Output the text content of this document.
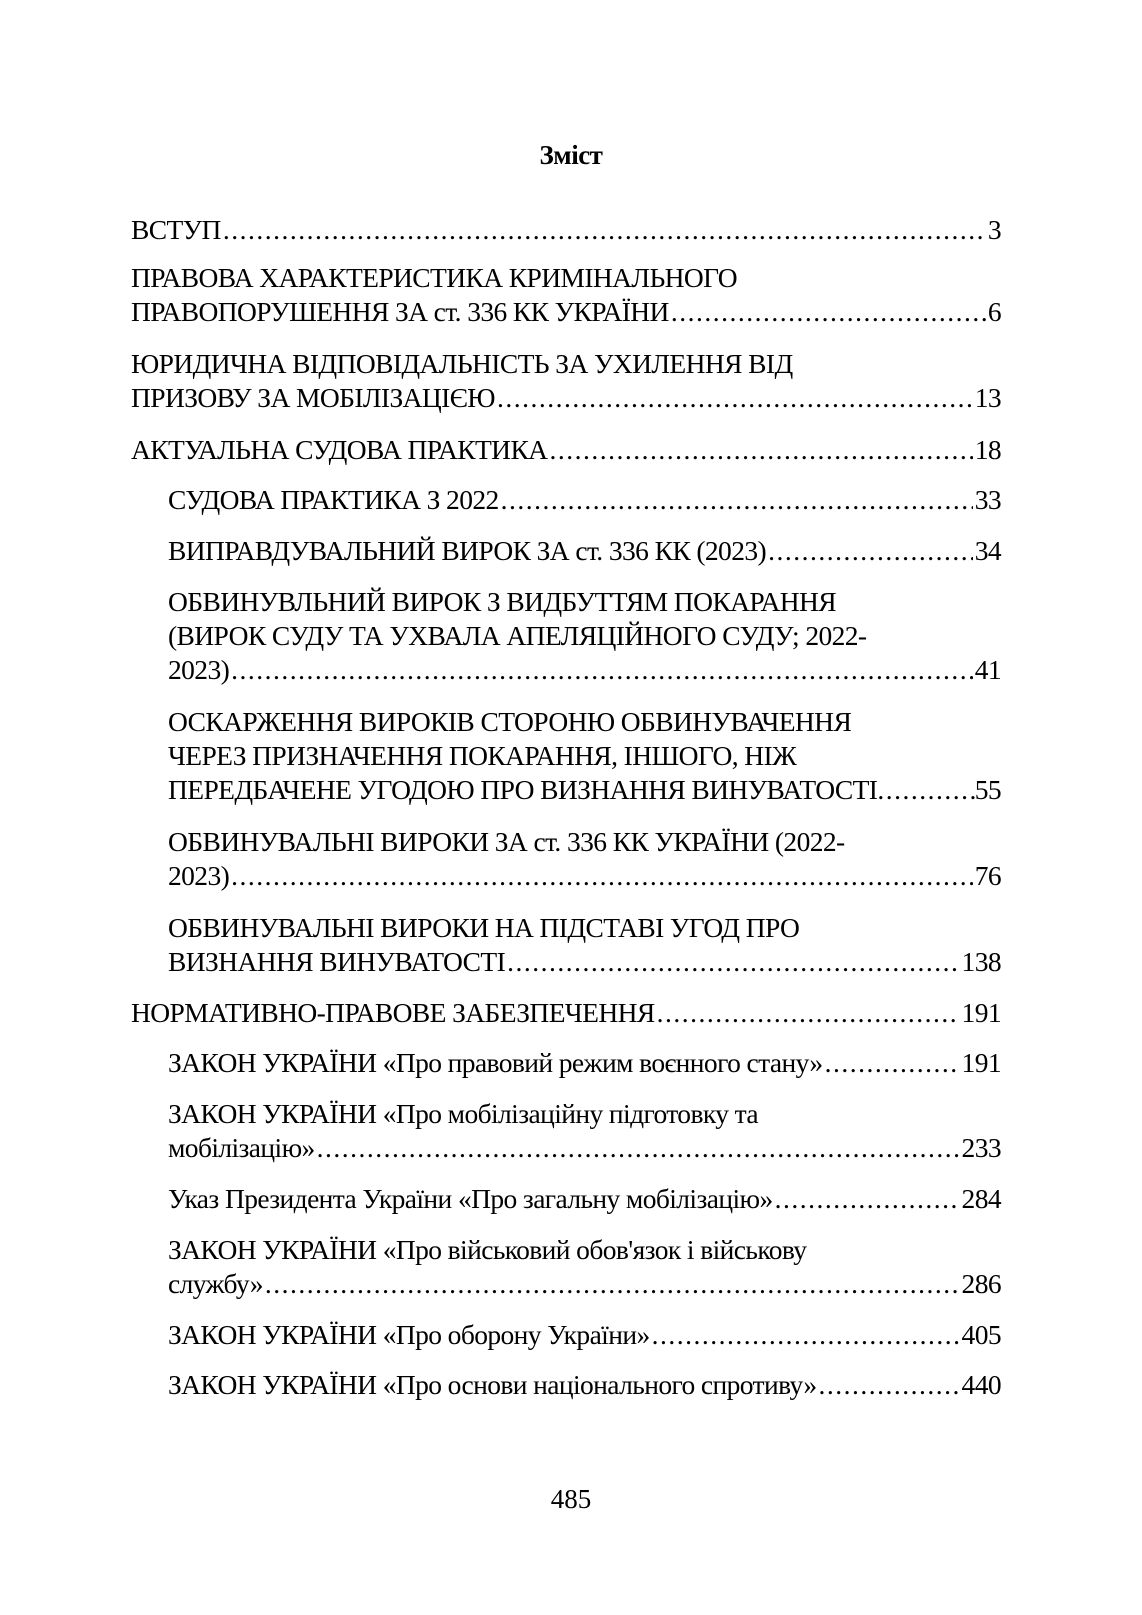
Зміст
ВСТУП .....	3
ПРАВОВА ХАРАКТЕРИСТИКА КРИМІНАЛЬНОГО
ПРАВОПОРУШЕННЯ ЗА ст. 336 КК УКРАЇНИ .....	6
ЮРИДИЧНА ВІДПОВІДАЛЬНІСТЬ ЗА УХИЛЕННЯ ВІД
ПРИЗОВУ ЗА МОБІЛІЗАЦІЄЮ .....	13
АКТУАЛЬНА СУДОВА ПРАКТИКА .....	18
СУДОВА ПРАКТИКА З 2022 .....	33
ВИПРАВДУВАЛЬНИЙ ВИРОК ЗА ст. 336 КК (2023) .....	34
ОБВИНУВЛЬНИЙ ВИРОК З ВИДБУТТЯМ ПОКАРАННЯ
(ВИРОК СУДУ ТА УХВАЛА АПЕЛЯЦІЙНОГО СУДУ; 2022-
2023) .....	41
ОСКАРЖЕННЯ ВИРОКІВ СТОРОНЮ ОБВИНУВАЧЕННЯ
ЧЕРЕЗ ПРИЗНАЧЕННЯ ПОКАРАННЯ, ІНШОГО, НІЖ
ПЕРЕДБАЧЕНЕ УГОДОЮ ПРО ВИЗНАННЯ ВИНУВАТОСТІ .....	55
ОБВИНУВАЛЬНІ ВИРОКИ ЗА ст. 336 КК УКРАЇНИ (2022-
2023) .....	76
ОБВИНУВАЛЬНІ ВИРОКИ НА ПІДСТАВІ УГОД ПРО
ВИЗНАННЯ ВИНУВАТОСТІ .....	138
НОРМАТИВНО-ПРАВОВЕ ЗАБЕЗПЕЧЕННЯ .....	191
ЗАКОН УКРАЇНИ «Про правовий режим воєнного стану» .....	191
ЗАКОН УКРАЇНИ «Про мобілізаційну підготовку та
мобілізацію» .....	233
Указ Президента України «Про загальну мобілізацію» .....	284
ЗАКОН УКРАЇНИ «Про військовий обов'язок і військову
службу» .....	286
ЗАКОН УКРАЇНИ «Про оборону України» .....	405
ЗАКОН УКРАЇНИ «Про основи національного спротиву» .....	440
485
